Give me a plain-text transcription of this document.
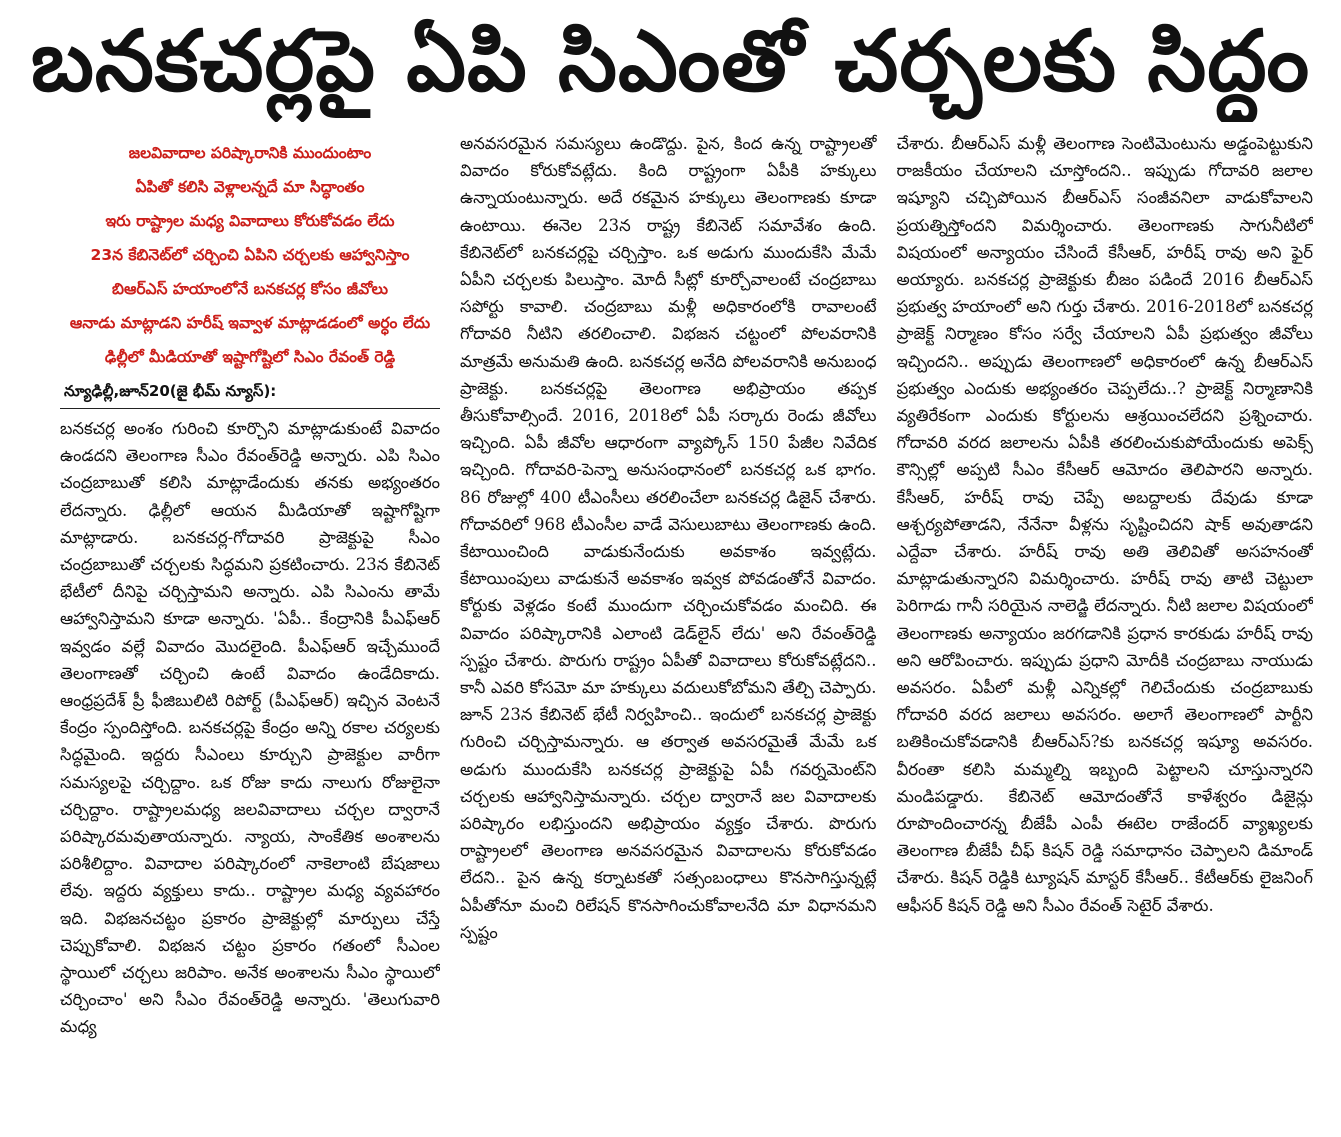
బనకచర్లపై ఏపి సిఎంతో చర్చలకు సిద్ధం
జలవివాదాల పరిష్కారానికి ముందుంటాం
ఏపితో కలిసి వెళ్లాలన్నదే మా సిద్ధాంతం
ఇరు రాష్ట్రాల మధ్య వివాదాలు కోరుకోవడం లేదు
23న కేబినెట్‌లో చర్చించి ఏపిని చర్చలకు ఆహ్వానిస్తాం
బిఆర్ఎస్ హయాంలోనే బనకచర్ల కోసం జీవోలు
ఆనాడు మాట్లాడని హరీష్ ఇవ్వాళ మాట్లాడడంలో అర్ధం లేదు
ఢిల్లీలో మీడియాతో ఇష్టాగోష్టిలో సిఎం రేవంత్ రెడ్డి
న్యూఢిల్లీ,జూన్20(జై భీమ్ న్యూస్):

బనకచర్ల అంశం గురించి కూర్చొని మాట్లాడుకుంటే వివాదం ఉండదని తెలంగాణ సీఎం రేవంత్‌రెడ్డి అన్నారు. ఎపి సిఎం చంద్రబాబుతో కలిసి మాట్లాడేందుకు తనకు అభ్యంతరం లేదన్నారు. ఢిల్లీలో ఆయన మీడియాతో ఇష్టాగోష్టిగా మాట్లాడారు. బనకచర్ల-గోదావరి ప్రాజెక్టుపై సీఎం చంద్రబాబుతో చర్చలకు సిద్ధమని ప్రకటించారు. 23న కేబినెట్ భేటీలో దీనిపై చర్చిస్తామని అన్నారు. ఎపి సిఎంను తామే ఆహ్వానిస్తామని కూడా అన్నారు. 'ఏపీ.. కేంద్రానికి పీఎఫ్ఆర్ ఇవ్వడం వల్లే వివాదం మొదలైంది. పీఎఫ్ఆర్ ఇచ్చేముందే తెలంగాణతో చర్చించి ఉంటే వివాదం ఉండేదికాదు. ఆంధ్రప్రదేశ్ ప్రీ ఫీజిబులిటి రిపోర్ట్ (పీఎఫ్ఆర్) ఇచ్చిన వెంటనే కేంద్రం స్పందిస్తోంది. బనకచర్లపై కేంద్రం అన్ని రకాల చర్యలకు సిద్ధమైంది. ఇద్దరు సీఎంలు కూర్చుని ప్రాజెక్టుల వారీగా సమస్యలపై చర్చిద్దాం. ఒక రోజు కాదు నాలుగు రోజులైనా చర్చిద్దాం. రాష్ట్రాలమధ్య జలవివాదాలు చర్చల ద్వారానే పరిష్కారమవుతాయన్నారు. న్యాయ, సాంకేతిక అంశాలను పరిశీలిద్దాం. వివాదాల పరిష్కారంలో నాకెలాంటి బేషజాలు లేవు. ఇద్దరు వ్యక్తులు కాదు.. రాష్ట్రాల మధ్య వ్యవహారం ఇది. విభజనచట్టం ప్రకారం ప్రాజెక్టుల్లో మార్పులు చేస్తే చెప్పుకోవాలి. విభజన చట్టం ప్రకారం గతంలో సీఎంల స్థాయిలో చర్చలు జరిపాం. అనేక అంశాలను సీఎం స్థాయిలో చర్చించాం' అని సీఎం రేవంత్‌రెడ్డి అన్నారు. 'తెలుగువారి మధ్య

అనవసరమైన సమస్యలు ఉండొద్దు. పైన, కింద ఉన్న రాష్ట్రాలతో వివాదం కోరుకోవట్లేదు. కింది రాష్ట్రంగా ఏపీకి హక్కులు ఉన్నాయంటున్నారు. అదే రకమైన హక్కులు తెలంగాణకు కూడా ఉంటాయి. ఈనెల 23న రాష్ట్ర కేబినెట్ సమావేశం ఉంది. కేబినెట్‌లో బనకచర్లపై చర్చిస్తాం. ఒక అడుగు ముందుకేసి మేమే ఏపీని చర్చలకు పిలుస్తాం. మోదీ సీట్లో కూర్చోవాలంటే చంద్రబాబు సపోర్టు కావాలి. చంద్రబాబు మళ్లీ అధికారంలోకి రావాలంటే గోదావరి నీటిని తరలించాలి. విభజన చట్టంలో పోలవరానికి మాత్రమే అనుమతి ఉంది. బనకచర్ల అనేది పోలవరానికి అనుబంధ ప్రాజెక్టు. బనకచర్లపై తెలంగాణ అభిప్రాయం తప్పక తీసుకోవాల్సిందే. 2016, 2018లో ఏపీ సర్కారు రెండు జీవోలు ఇచ్చింది. ఏపీ జీవోల ఆధారంగా వ్యాప్కోస్ 150 పేజీల నివేదిక ఇచ్చింది. గోదావరి-పెన్నా అనుసంధానంలో బనకచర్ల ఒక భాగం. 86 రోజుల్లో 400 టీఎంసీలు తరలించేలా బనకచర్ల డిజైన్ చేశారు. గోదావరిలో 968 టీఎంసీల వాడే వెసులుబాటు తెలంగాణకు ఉంది. కేటాయించింది వాడుకునేందుకు అవకాశం ఇవ్వట్లేదు. కేటాయింపులు వాడుకునే అవకాశం ఇవ్వక పోవడంతోనే వివాదం. కోర్టుకు వెళ్లడం కంటే ముందుగా చర్చించుకోవడం మంచిది. ఈ వివాదం పరిష్కారానికి ఎలాంటి డెడ్‌లైన్ లేదు' అని రేవంత్‌రెడ్డి స్పష్టం చేశారు. పొరుగు రాష్ట్రం ఏపీతో వివాదాలు కోరుకోవట్లేదని.. కానీ ఎవరి కోసమో మా హక్కులు వదులుకోబోమని తేల్చి చెప్పారు. జూన్ 23న కేబినెట్ భేటీ నిర్వహించి.. ఇందులో బనకచర్ల ప్రాజెక్టు గురించి చర్చిస్తామన్నారు. ఆ తర్వాత అవసరమైతే మేమే ఒక అడుగు ముందుకేసి బనకచర్ల ప్రాజెక్టుపై ఏపీ గవర్నమెంట్‌ని చర్చలకు ఆహ్వానిస్తామన్నారు. చర్చల ద్వారానే జల వివాదాలకు పరిష్కారం లభిస్తుందని అభిప్రాయం వ్యక్తం చేశారు. పొరుగు రాష్ట్రాలలో తెలంగాణ అనవసరమైన వివాదాలను కోరుకోవడం లేదని.. పైన ఉన్న కర్నాటకతో సత్సంబంధాలు కొనసాగిస్తున్నట్లే ఏపీతోనూ మంచి రిలేషన్ కొనసాగించుకోవాలనేది మా విధానమని స్పష్టం

చేశారు. బీఆర్ఎస్ మళ్లీ తెలంగాణ సెంటిమెంటును అడ్డంపెట్టుకుని రాజకీయం చేయాలని చూస్తోందని.. ఇప్పుడు గోదావరి జలాల ఇష్యూని చచ్చిపోయిన బీఆర్ఎస్ సంజీవనిలా వాడుకోవాలని ప్రయత్నిస్తోందని విమర్శించారు. తెలంగాణకు సాగునీటిలో విషయంలో అన్యాయం చేసిందే కేసీఆర్, హరీష్ రావు అని ఫైర్ అయ్యారు. బనకచర్ల ప్రాజెక్టుకు బీజం పడిందే 2016 బీఆర్ఎస్ ప్రభుత్వ హయాంలో అని గుర్తు చేశారు. 2016-2018లో బనకచర్ల ప్రాజెక్ట్ నిర్మాణం కోసం సర్వే చేయాలని ఏపీ ప్రభుత్వం జీవోలు ఇచ్చిందని.. అప్పుడు తెలంగాణలో అధికారంలో ఉన్న బీఆర్ఎస్ ప్రభుత్వం ఎందుకు అభ్యంతరం చెప్పలేదు..? ప్రాజెక్ట్ నిర్మాణానికి వ్యతిరేకంగా ఎందుకు కోర్టులను ఆశ్రయించలేదని ప్రశ్నించారు. గోదావరి వరద జలాలను ఏపీకి తరలించుకుపోయేందుకు అపెక్స్ కౌన్సిల్లో అప్పటి సీఎం కేసీఆర్ ఆమోదం తెలిపారని అన్నారు. కేసీఆర్, హరీష్ రావు చెప్పే అబద్దాలకు దేవుడు కూడా ఆశ్చర్యపోతాడని, నేనేనా వీళ్లను సృష్టించిదని షాక్ అవుతాడని ఎద్దేవా చేశారు. హరీష్ రావు అతి తెలివితో అసహనంతో మాట్లాడుతున్నారని విమర్శించారు. హరీష్ రావు తాటి చెట్టులా పెరిగాడు గానీ సరియైన నాలెడ్జి లేదన్నారు. నీటి జలాల విషయంలో తెలంగాణకు అన్యాయం జరగడానికి ప్రధాన కారకుడు హరీష్ రావు అని ఆరోపించారు. ఇప్పుడు ప్రధాని మోదీకి చంద్రబాబు నాయుడు అవసరం. ఏపీలో మళ్లీ ఎన్నికల్లో గెలిచేందుకు చంద్రబాబుకు గోదావరి వరద జలాలు అవసరం. అలాగే తెలంగాణలో పార్టీని బతికించుకోవడానికి బీఆర్ఎస్?కు బనకచర్ల ఇష్యూ అవసరం. వీరంతా కలిసి మమ్మల్ని ఇబ్బంది పెట్టాలని చూస్తున్నారని మండిపడ్డారు. కేబినెట్ ఆమోదంతోనే కాళేశ్వరం డిజైన్లు రూపొందించారన్న బీజేపీ ఎంపీ ఈటెల రాజేందర్ వ్యాఖ్యలకు తెలంగాణ బీజేపీ చీఫ్ కిషన్ రెడ్డి సమాధానం చెప్పాలని డిమాండ్ చేశారు. కిషన్ రెడ్డికి ట్యూషన్ మాస్టర్ కేసీఆర్.. కేటీఆర్‌కు లైజనింగ్ ఆఫీసర్ కిషన్ రెడ్డి అని సీఎం రేవంత్ సెటైర్ వేశారు.
